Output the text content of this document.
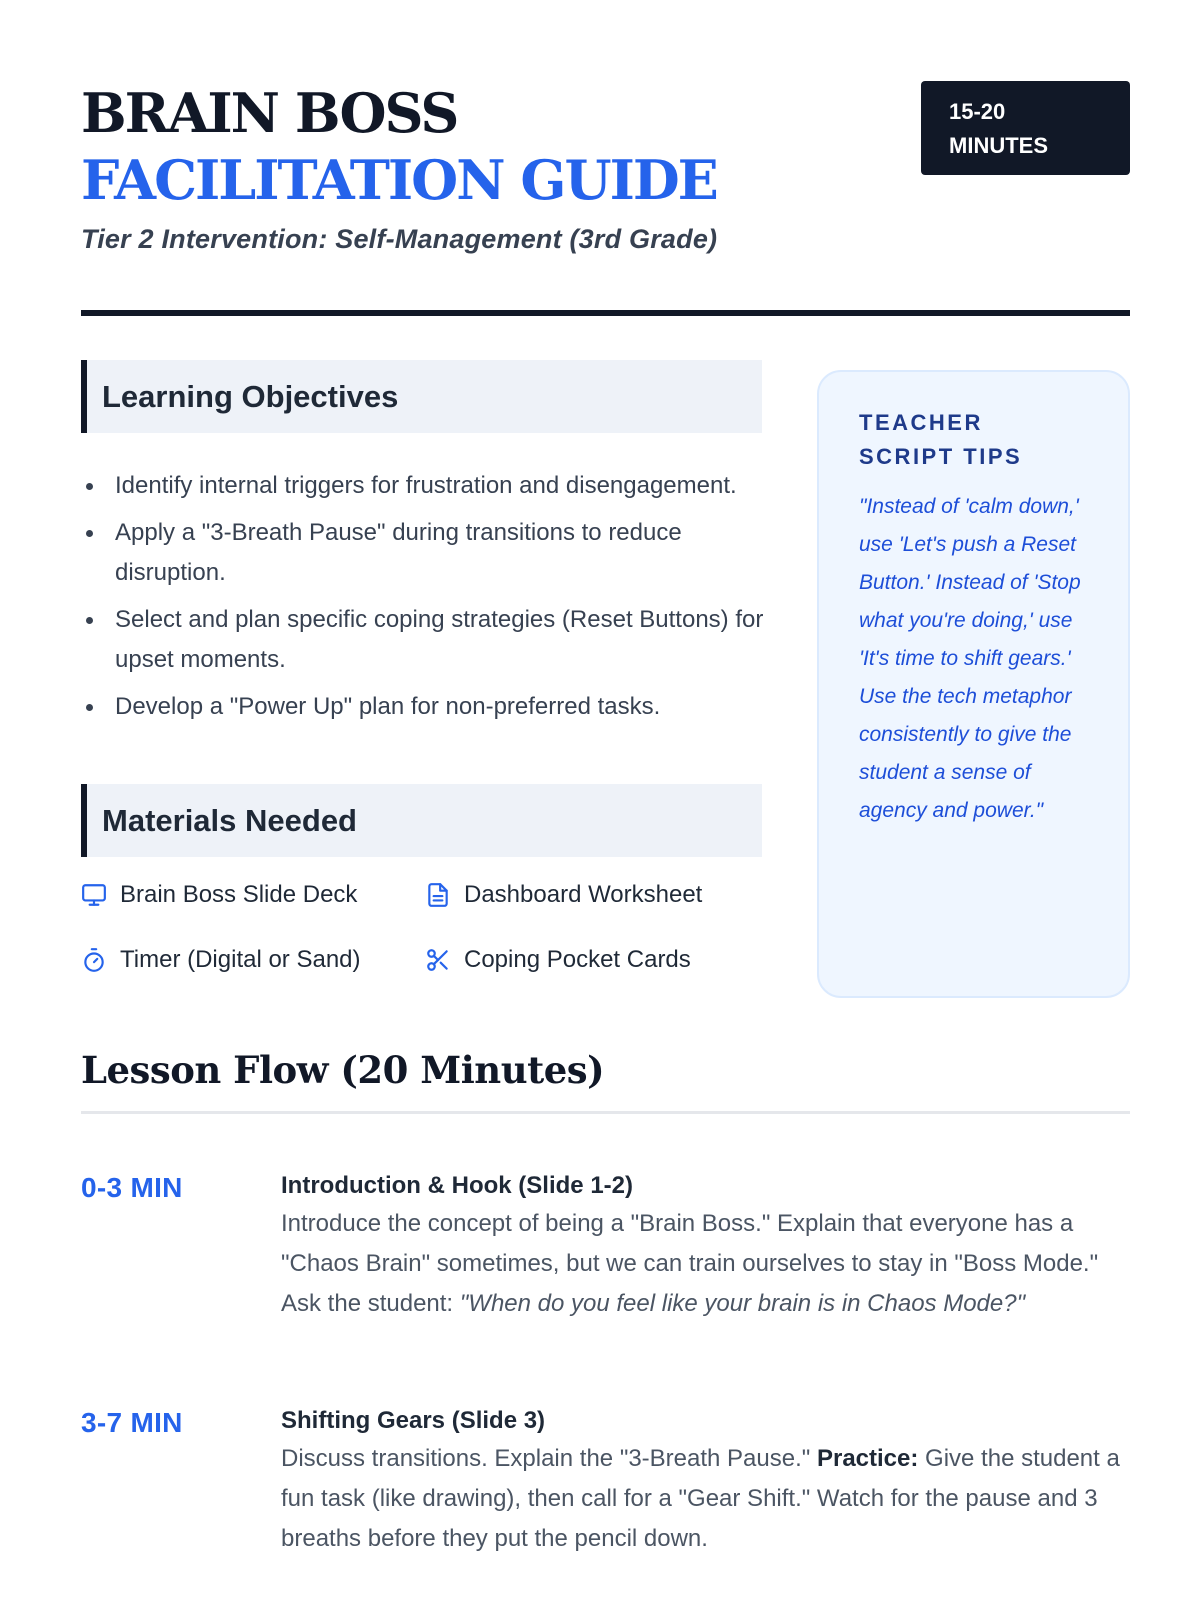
BRAIN BOSS FACILITATION GUIDE
15-20
MINUTES
Tier 2 Intervention: Self-Management (3rd Grade)
Learning Objectives
Identify internal triggers for frustration and disengagement.
Apply a "3-Breath Pause" during transitions to reduce disruption.
Select and plan specific coping strategies (Reset Buttons) for upset moments.
Develop a "Power Up" plan for non-preferred tasks.
Materials Needed
Brain Boss Slide Deck	Dashboard Worksheet
Timer (Digital or Sand)	Coping Pocket Cards
TEACHER
SCRIPT TIPS

"Instead of 'calm down,' use 'Let's push a Reset Button.' Instead of 'Stop what you're doing,' use 'It's time to shift gears.' Use the tech metaphor consistently to give the student a sense of agency and power."

Lesson Flow (20 Minutes)
0-3 MIN	Introduction & Hook (Slide 1-2)
Introduce the concept of being a "Brain Boss." Explain that everyone has a "Chaos Brain" sometimes, but we can train ourselves to stay in "Boss Mode." Ask the student: "When do you feel like your brain is in Chaos Mode?"
3-7 MIN	Shifting Gears (Slide 3)
Discuss transitions. Explain the "3-Breath Pause." Practice: Give the student a fun task (like drawing), then call for a "Gear Shift." Watch for the pause and 3 breaths before they put the pencil down.
